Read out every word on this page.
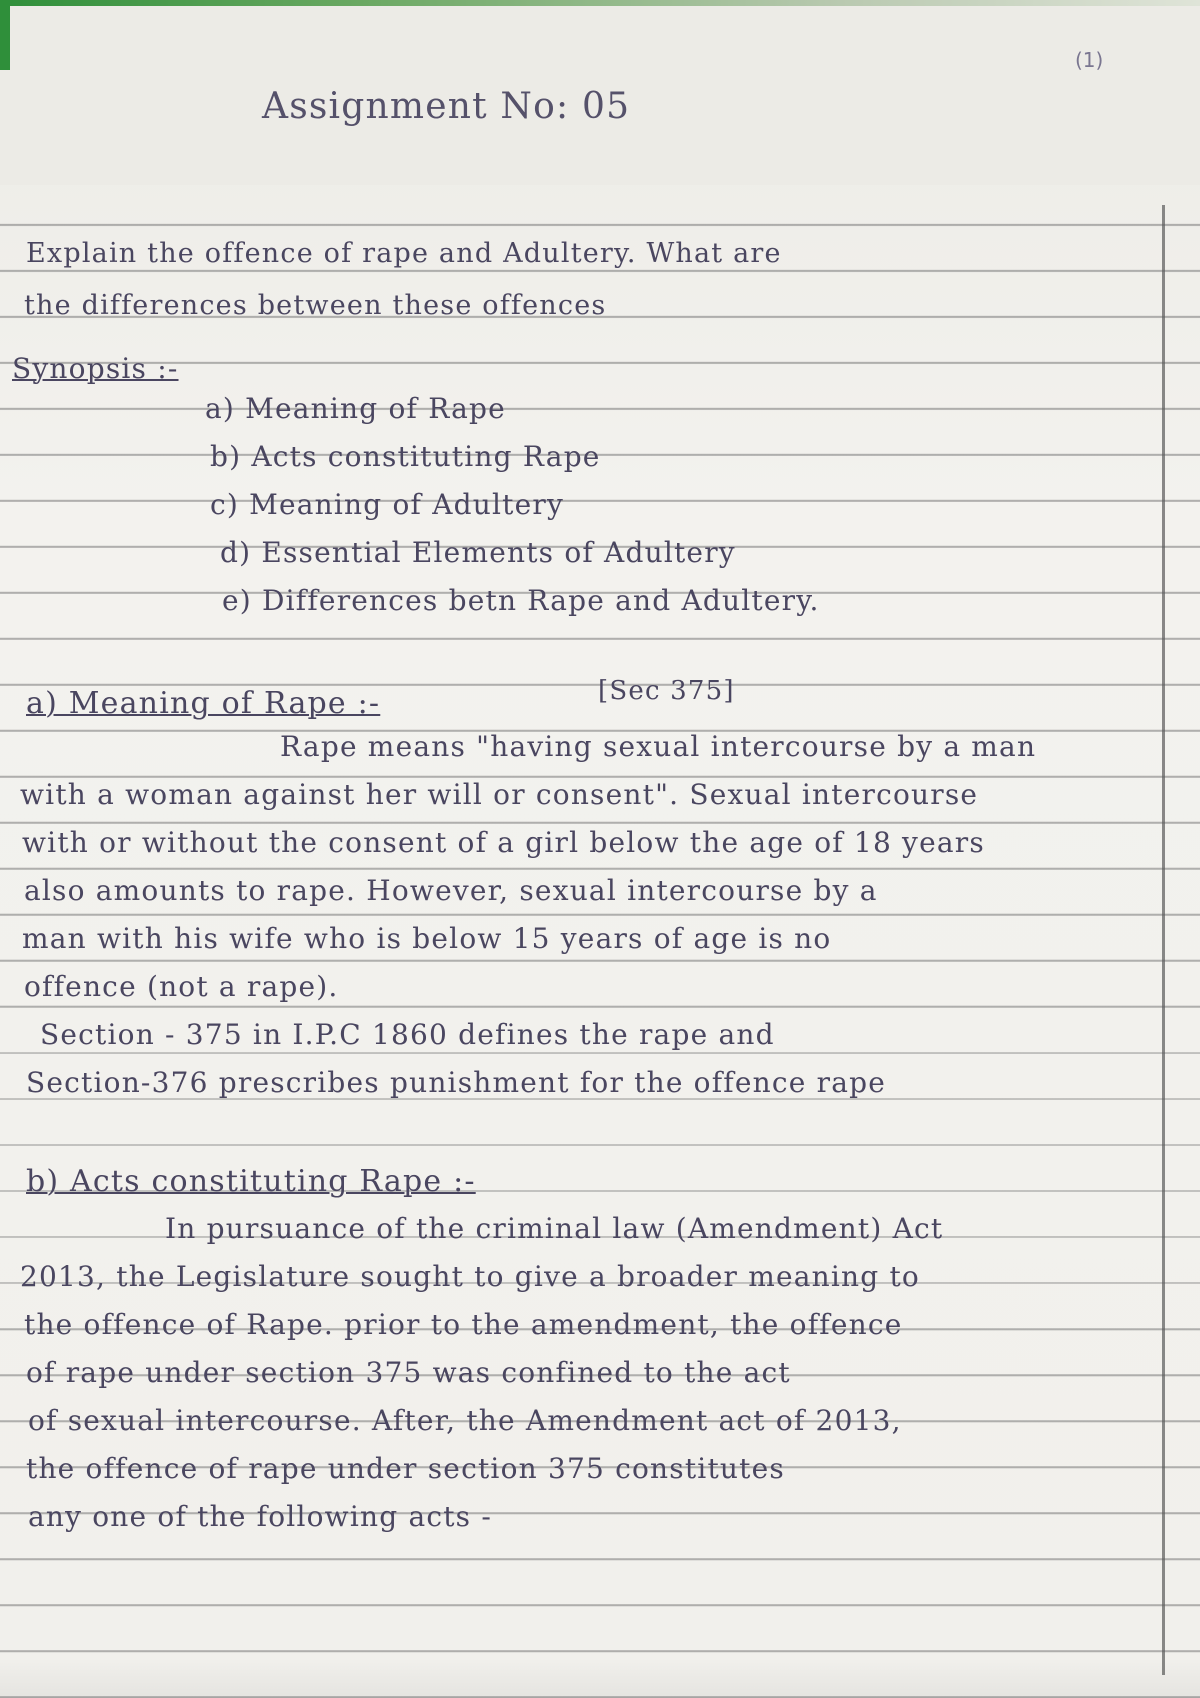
(1)
Assignment No: 05
Explain the offence of rape and Adultery. What are
the differences between these offences
Synopsis :-
a) Meaning of Rape
b) Acts constituting Rape
c) Meaning of Adultery
d) Essential Elements of Adultery
e) Differences betn Rape and Adultery.
a) Meaning of Rape :-	[Sec 375]
Rape means "having sexual intercourse by a man
with a woman against her will or consent". Sexual intercourse
with or without the consent of a girl below the age of 18 years
also amounts to rape. However, sexual intercourse by a
man with his wife who is below 15 years of age is no
offence (not a rape).
Section - 375 in I.P.C 1860 defines the rape and
Section-376 prescribes punishment for the offence rape
b) Acts constituting Rape :-
In pursuance of the criminal law (Amendment) Act
2013, the Legislature sought to give a broader meaning to
the offence of Rape. prior to the amendment, the offence
of rape under section 375 was confined to the act
of sexual intercourse. After, the Amendment act of 2013,
the offence of rape under section 375 constitutes
any one of the following acts -
